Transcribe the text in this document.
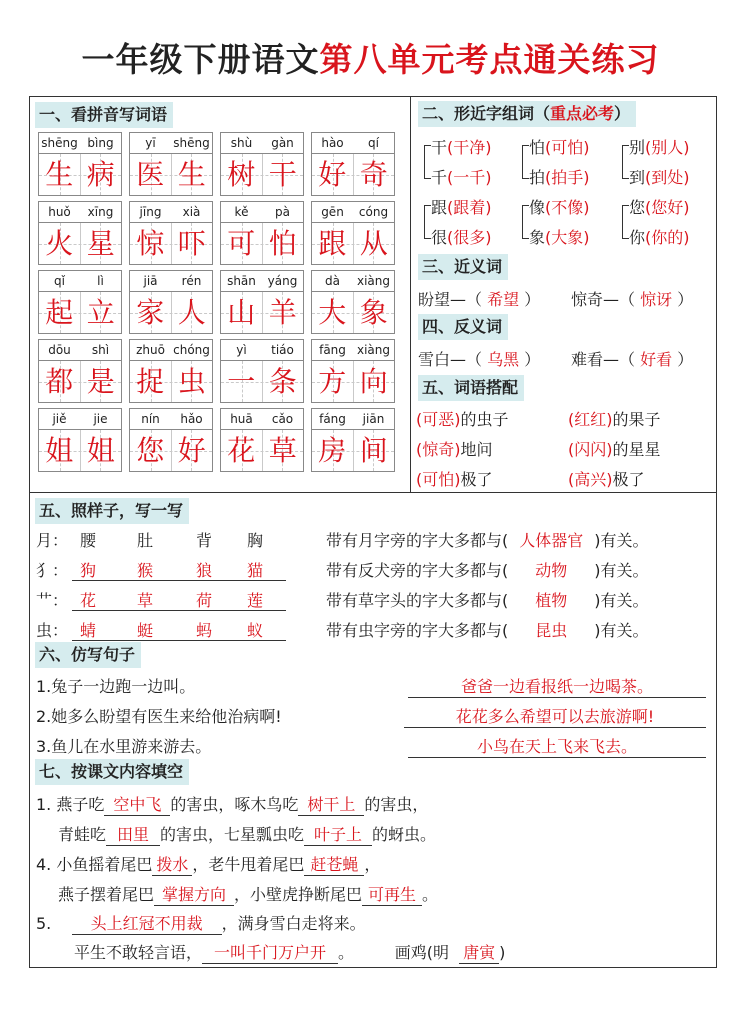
一年级下册语文第八单元考点通关练习
一、看拼音写词语
shēng bìng
生 病
yī	shēng
医 生
shù	gàn
树 干
hào	qí
好 奇
huǒ	xīng
火 星
jīng	xià
惊 吓
kě	pà
可 怕
gēn	cóng
跟 从
qǐ	lì
起 立
jiā	rén
家 人
shān yáng
山 羊
dà	xiàng
大 象
dōu	shì
都 是
zhuō chóng
捉 虫
yì	tiáo
一 条
fāng xiàng
方 向
jiě	jie
姐 姐
nín	hǎo
您 好
huā	cǎo
花 草
fáng	jiān
房 间
二、形近字组词（重点必考）
干(干净)
千(一千)
怕(可怕)
拍(拍手)
别(别人)
到(到处)
跟(跟着)
很(很多)
像(不像)
象(大象)
您(您好)
你(你的)
三、近义词
盼望—（ 希望 ） 惊奇—（ 惊讶 ）
四、反义词
雪白—（ 乌黑 ） 难看—（ 好看 ）
五、词语搭配
(可恶)的虫子	(红红)的果子
(惊奇)地问	(闪闪)的星星
(可怕)极了	(高兴)极了
五、照样子，写一写
月： 腰	肚	背 胸	带有月字旁的字大多都与( 人体器官 )有关。
犭： 狗	猴	狼 猫	带有反犬旁的字大多都与( 动物 )有关。
艹： 花	草	荷 莲	带有草字头的字大多都与( 植物 )有关。
虫： 蜻	蜓	蚂 蚁	带有虫字旁的字大多都与( 昆虫 )有关。
六、仿写句子
1.兔子一边跑一边叫。	爸爸一边看报纸一边喝茶。
2.她多么盼望有医生来给他治病啊!	花花多么希望可以去旅游啊!
3.鱼儿在水里游来游去。	小鸟在天上飞来飞去。
七、按课文内容填空
1. 燕子吃 空中飞 的害虫，啄木鸟吃 树干上 的害虫，
青蛙吃 田里 的害虫，七星瓢虫吃 叶子上 的蚜虫。
4. 小鱼摇着尾巴 拨水 ，老牛甩着尾巴 赶苍蝇 ，
燕子摆着尾巴 掌握方向 ，小壁虎挣断尾巴 可再生 。
5. 头上红冠不用裁 ，满身雪白走将来。
平生不敢轻言语， 一叫千门万户开 。	画鸡(明 唐寅 )
